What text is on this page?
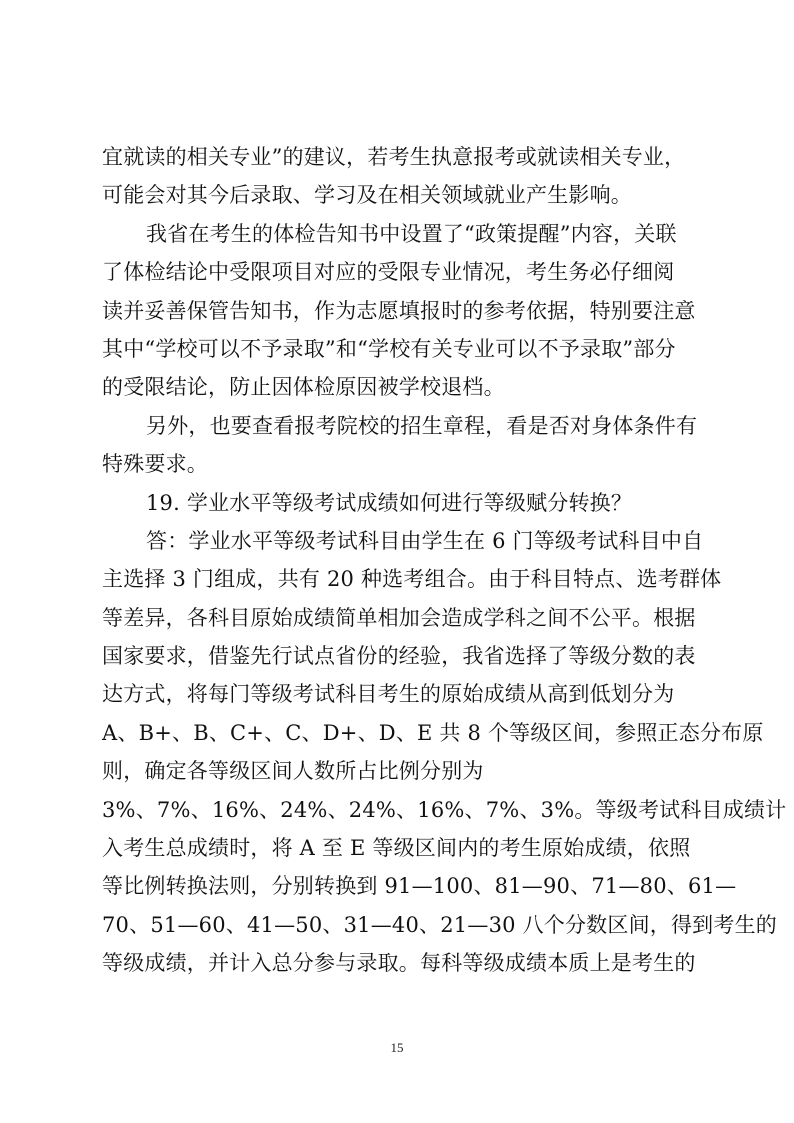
宜就读的相关专业”的建议，若考生执意报考或就读相关专业，
可能会对其今后录取、学习及在相关领域就业产生影响。
我省在考生的体检告知书中设置了“政策提醒”内容，关联
了体检结论中受限项目对应的受限专业情况，考生务必仔细阅
读并妥善保管告知书，作为志愿填报时的参考依据，特别要注意
其中“学校可以不予录取”和“学校有关专业可以不予录取”部分
的受限结论，防止因体检原因被学校退档。
另外，也要查看报考院校的招生章程，看是否对身体条件有
特殊要求。
19. 学业水平等级考试成绩如何进行等级赋分转换？
答：学业水平等级考试科目由学生在 6 门等级考试科目中自
主选择 3 门组成，共有 20 种选考组合。由于科目特点、选考群体
等差异，各科目原始成绩简单相加会造成学科之间不公平。根据
国家要求，借鉴先行试点省份的经验，我省选择了等级分数的表
达方式，将每门等级考试科目考生的原始成绩从高到低划分为
A、B+、B、C+、C、D+、D、E 共 8 个等级区间，参照正态分布原
则，确定各等级区间人数所占比例分别为
3%、7%、16%、24%、24%、16%、7%、3%。等级考试科目成绩计
入考生总成绩时，将 A 至 E 等级区间内的考生原始成绩，依照
等比例转换法则，分别转换到 91—100、81—90、71—80、61—
70、51—60、41—50、31—40、21—30 八个分数区间，得到考生的
等级成绩，并计入总分参与录取。每科等级成绩本质上是考生的
15
